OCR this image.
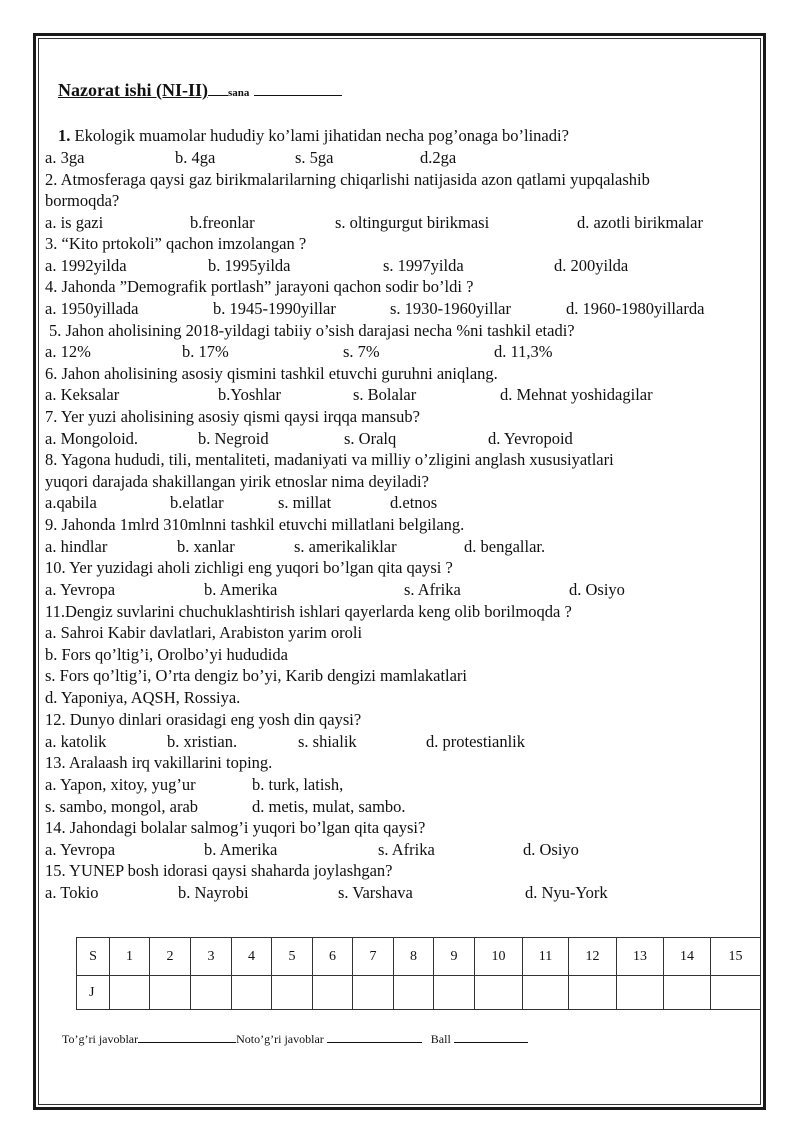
Nazorat ishi (NI-II) sana
1. Ekologik muamolar hududiy ko’lami jihatidan necha pog’onaga bo’linadi?
a. 3ga	b. 4ga	s. 5ga	d.2ga
2. Atmosferaga qaysi gaz birikmalarilarning chiqarlishi natijasida azon qatlami yupqalashib
bormoqda?
a. is gazi	b.freonlar	s. oltingurgut birikmasi	d. azotli birikmalar
3. “Kito prtokoli” qachon imzolangan ?
a. 1992yilda	b. 1995yilda	s. 1997yilda	d. 200yilda
4. Jahonda ”Demografik portlash” jarayoni qachon sodir bo’ldi ?
a. 1950yillada	b. 1945-1990yillar	s. 1930-1960yillar	d. 1960-1980yillarda
5. Jahon aholisining 2018-yildagi tabiiy o’sish darajasi necha %ni tashkil etadi?
a. 12%	b. 17%	s. 7%	d. 11,3%
6. Jahon aholisining asosiy qismini tashkil etuvchi guruhni aniqlang.
a. Keksalar	b.Yoshlar	s. Bolalar	d. Mehnat yoshidagilar
7. Yer yuzi aholisining asosiy qismi qaysi irqqa mansub?
a. Mongoloid.	b. Negroid	s. Oralq	d. Yevropoid
8. Yagona hududi, tili, mentaliteti, madaniyati va milliy o’zligini anglash xususiyatlari
yuqori darajada shakillangan yirik etnoslar nima deyiladi?
a.qabila	b.elatlar	s. millat	d.etnos
9. Jahonda 1mlrd 310mlnni tashkil etuvchi millatlani belgilang.
a. hindlar	b. xanlar	s. amerikaliklar	d. bengallar.
10. Yer yuzidagi aholi zichligi eng yuqori bo’lgan qita qaysi ?
a. Yevropa	b. Amerika	s. Afrika	d. Osiyo
11.Dengiz suvlarini chuchuklashtirish ishlari qayerlarda keng olib borilmoqda ?
a. Sahroi Kabir davlatlari, Arabiston yarim oroli
b. Fors qo’ltig’i, Orolbo’yi hududida
s. Fors qo’ltig’i, O’rta dengiz bo’yi, Karib dengizi mamlakatlari
d. Yaponiya, AQSH, Rossiya.
12. Dunyo dinlari orasidagi eng yosh din qaysi?
a. katolik	b. xristian.	s. shialik	d. protestianlik
13. Aralaash irq vakillarini toping.
a. Yapon, xitoy, yug’ur	b. turk, latish,
s. sambo, mongol, arab	d. metis, mulat, sambo.
14. Jahondagi bolalar salmog’i yuqori bo’lgan qita qaysi?
a. Yevropa	b. Amerika	s. Afrika	d. Osiyo
15. YUNEP bosh idorasi qaysi shaharda joylashgan?
a. Tokio	b. Nayrobi	s. Varshava	d. Nyu-York
S	1	2	3	4	5	6	7	8	9	10	11	12	13	14	15
J															
To’g’ri javoblar	Noto’g’ri javoblar	Ball
